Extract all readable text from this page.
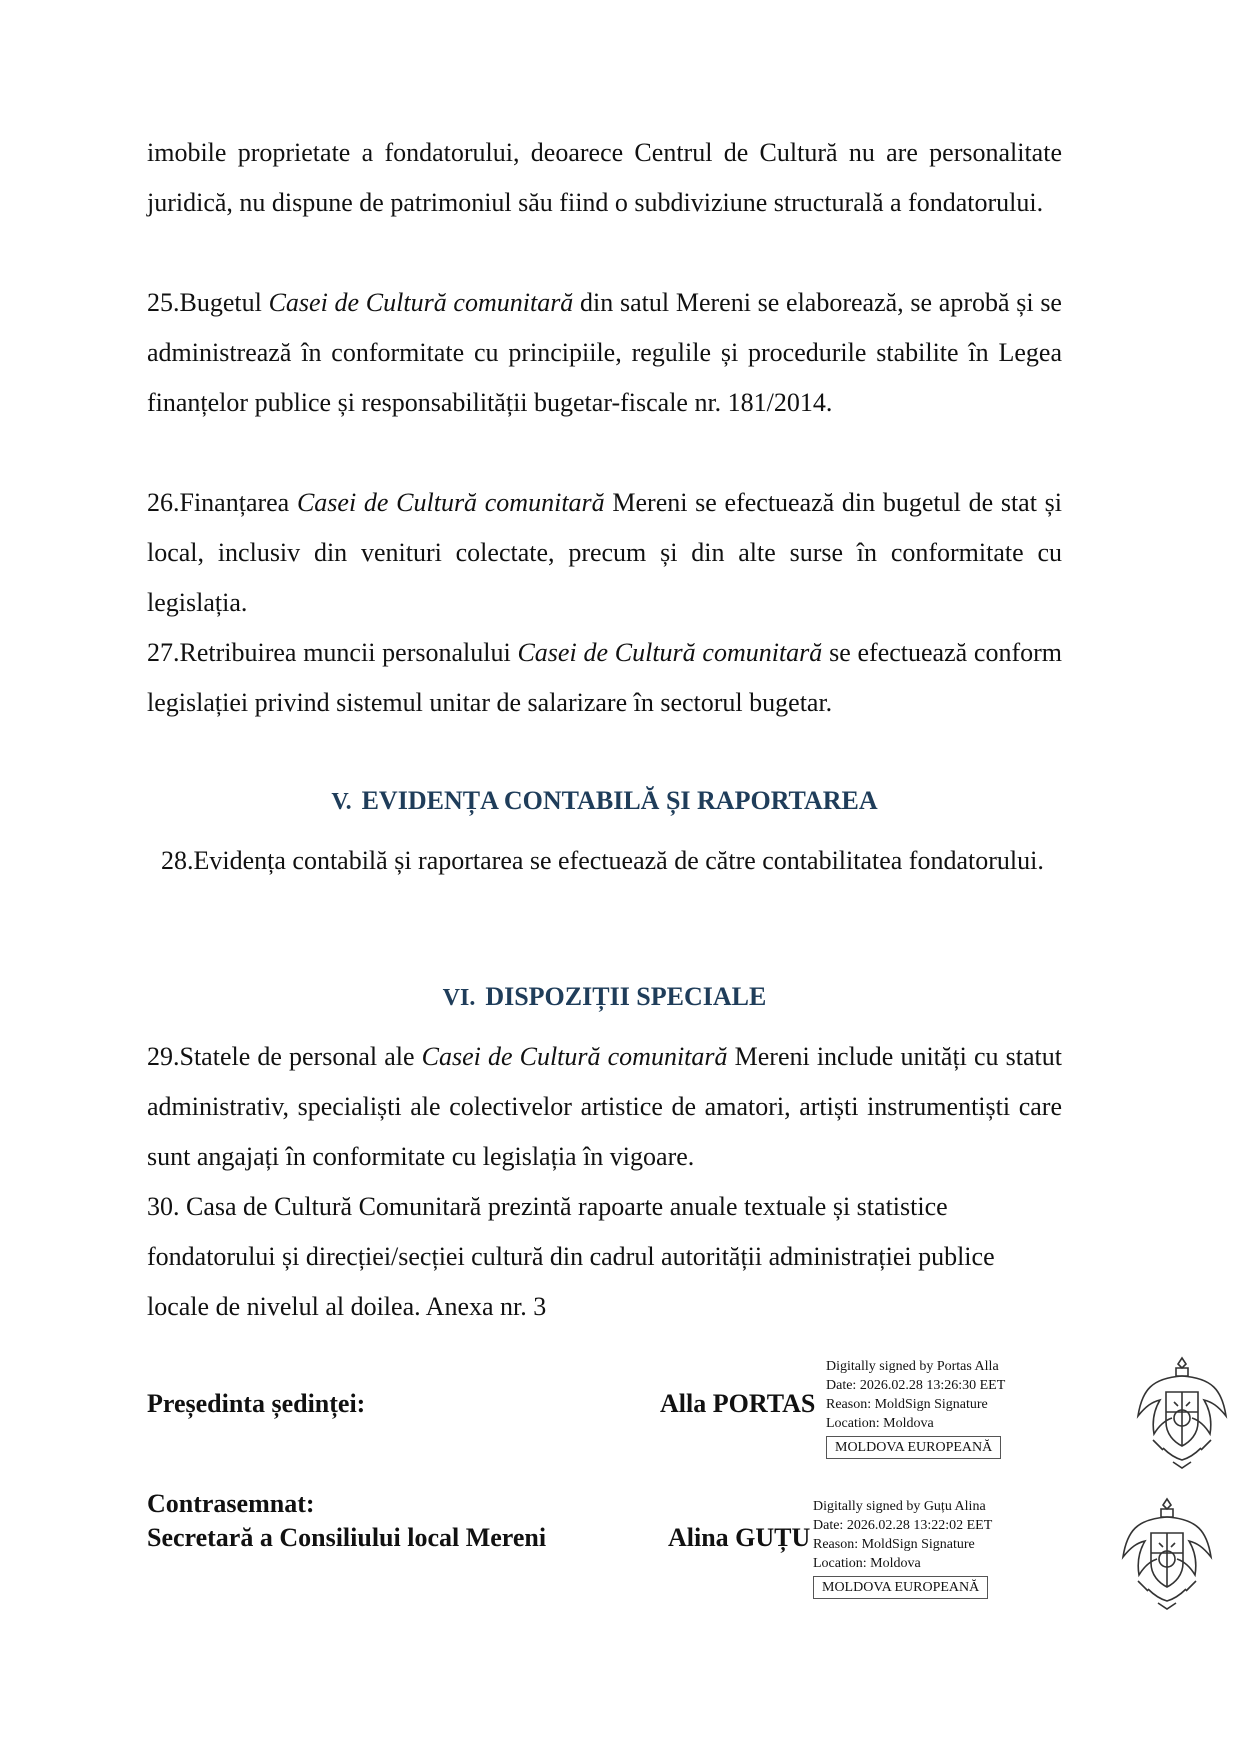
imobile proprietate a fondatorului, deoarece Centrul de Cultură nu are personalitate juridică, nu dispune de patrimoniul său fiind o subdiviziune structurală a fondatorului.

25.Bugetul Casei de Cultură comunitară din satul Mereni se elaborează, se aprobă și se administrează în conformitate cu principiile, regulile și procedurile stabilite în Legea finanțelor publice și responsabilității bugetar-fiscale nr. 181/2014.

26.Finanțarea Casei de Cultură comunitară Mereni se efectuează din bugetul de stat și local, inclusiv din venituri colectate, precum și din alte surse în conformitate cu legislația.

27.Retribuirea muncii personalului Casei de Cultură comunitară se efectuează conform legislației privind sistemul unitar de salarizare în sectorul bugetar.

V. EVIDENȚA CONTABILĂ ȘI RAPORTAREA

28.Evidența contabilă și raportarea se efectuează de către contabilitatea fondatorului.

VI. DISPOZIȚII SPECIALE

29.Statele de personal ale Casei de Cultură comunitară Mereni include unități cu statut administrativ, specialiști ale colectivelor artistice de amatori, artiști instrumentiști care sunt angajați în conformitate cu legislația în vigoare.

30. Casa de Cultură Comunitară prezintă rapoarte anuale textuale și statistice fondatorului și direcției/secției cultură din cadrul autorității administrației publice locale de nivelul al doilea. Anexa nr. 3

Președinta ședinței:	Alla PORTAS
Digitally signed by Portas Alla
Date: 2026.02.28 13:26:30 EET
Reason: MoldSign Signature
Location: Moldova
MOLDOVA EUROPEANĂ
Contrasemnat:
Secretară a Consiliului local Mereni	Alina GUȚU
Digitally signed by Guțu Alina
Date: 2026.02.28 13:22:02 EET
Reason: MoldSign Signature
Location: Moldova
MOLDOVA EUROPEANĂ
